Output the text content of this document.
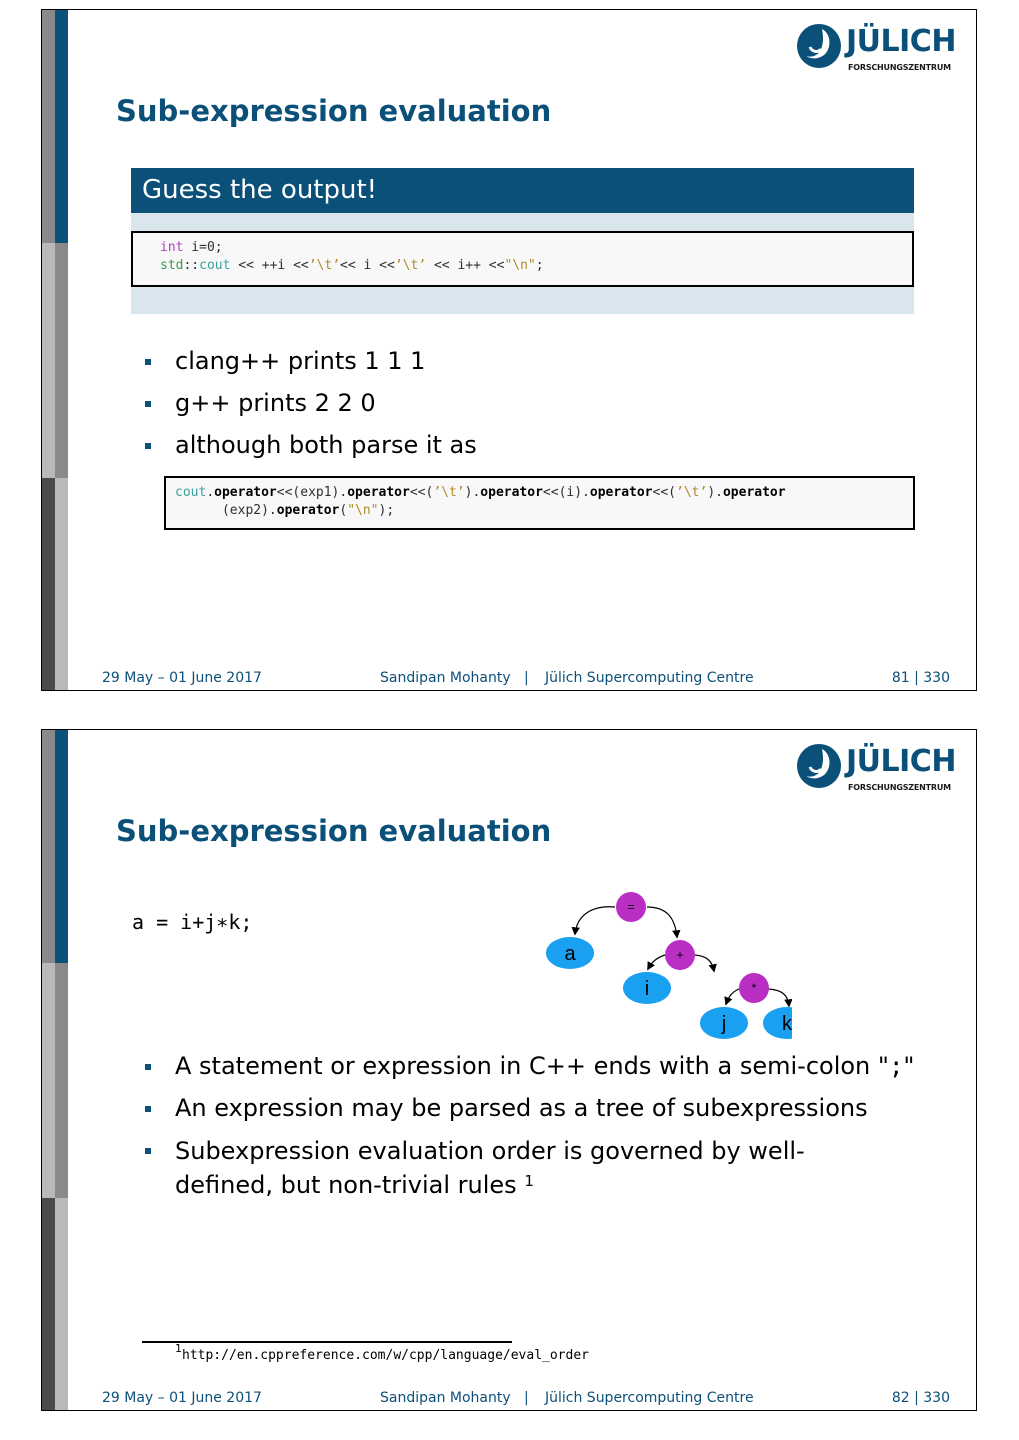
JÜLICH
FORSCHUNGSZENTRUM
Sub-expression evaluation
Guess the output!
int i=0;
std::cout << ++i <<’\t’<< i <<’\t’ << i++ <<"\n";
clang++ prints 1 1 1
g++ prints 2 2 0
although both parse it as
cout.operator<<(exp1).operator<<(’\t’).operator<<(i).operator<<(’\t’).operator
(exp2).operator("\n");
29 May – 01 June 2017	Sandipan Mohanty | Jülich Supercomputing Centre	81 | 330
JÜLICH
FORSCHUNGSZENTRUM
Sub-expression evaluation
a = i+j∗k;
=
a	+
i	*
j	k
A statement or expression in C++ ends with a semi-colon ";"
An expression may be parsed as a tree of subexpressions
Subexpression evaluation order is governed by well-defined, but non-trivial rules $^1$
$^1$http://en.cppreference.com/w/cpp/language/eval_order
29 May – 01 June 2017	Sandipan Mohanty | Jülich Supercomputing Centre	82 | 330
